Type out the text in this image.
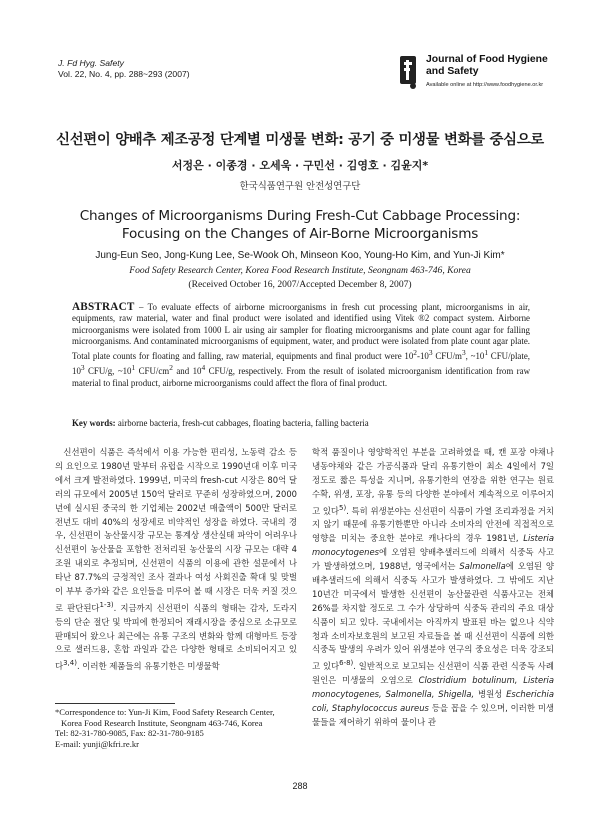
J. Fd Hyg. Safety
Vol. 22, No. 4, pp. 288~293 (2007)
Journal of Food Hygiene
and Safety
Available online at http://www.foodhygiene.or.kr
신선편이 양배추 제조공정 단계별 미생물 변화: 공기 중 미생물 변화를 중심으로
서정은 · 이종경 · 오세욱 · 구민선 · 김영호 · 김윤지*
한국식품연구원 안전성연구단
Changes of Microorganisms During Fresh-Cut Cabbage Processing:
Focusing on the Changes of Air-Borne Microorganisms
Jung-Eun Seo, Jong-Kung Lee, Se-Wook Oh, Minseon Koo, Young-Ho Kim, and Yun-Ji Kim*
Food Safety Research Center, Korea Food Research Institute, Seongnam 463-746, Korea
(Received October 16, 2007/Accepted December 8, 2007)
ABSTRACT – To evaluate effects of airborne microorganisms in fresh cut processing plant, microorganisms in air, equipments, raw material, water and final product were isolated and identified using Vitek ®2 compact system. Airborne microorganisms were isolated from 1000 L air using air sampler for floating microorganisms and plate count agar for falling microorganisms. And contaminated microorganisms of equipment, water, and product were isolated from plate count agar plate. Total plate counts for floating and falling, raw material, equipments and final product were $10^2-10^3$ CFU/$m^3$, $\sim 10^1$ CFU/plate, $10^3$ CFU/g, $\sim 10^1$ CFU/$cm^2$ and $10^4$ CFU/g, respectively. From the result of isolated microorganism identification from raw material to final product, airborne microorganisms could affect the flora of final product.
Key words: airborne bacteria, fresh-cut cabbages, floating bacteria, falling bacteria

신선편이 식품은 즉석에서 이용 가능한 편리성, 노동력 감소 등의 요인으로 1980년 말부터 유럽을 시작으로 1990년대 이후 미국에서 크게 발전하였다. 1999년, 미국의 fresh-cut 시장은 80억 달러의 규모에서 2005년 150억 달러로 꾸준히 성장하였으며, 2000년에 실시된 중국의 한 기업체는 2002년 매출액이 500만 달러로 전년도 대비 40%의 성장세로 비약적인 성장을 하였다. 국내의 경우, 신선편이 농산물시장 규모는 통계상 생산실태 파악이 어려우나 신선편이 농산물을 포함한 전처리된 농산물의 시장 규모는 대략 4조원 내외로 추정되며, 신선편이 식품의 이용에 관한 설문에서 나타난 87.7%의 긍정적인 조사 결과나 여성 사회진출 확대 및 맞벌이 부부 증가와 같은 요인들을 미루어 볼 때 시장은 더욱 커질 것으로 판단된다$^{1-3)}$. 지금까지 신선편이 식품의 형태는 감자, 도라지 등의 단순 절단 및 박피에 한정되어 재래시장을 중심으로 소규모로 판매되어 왔으나 최근에는 유통 구조의 변화와 함께 대형마트 등장으로 샐러드용, 혼합 과일과 같은 다양한 형태로 소비되어지고 있다$^{3,4)}$. 이러한 제품들의 유통기한은 미생물학

학적 품질이나 영양학적인 부분을 고려하였을 때, 캔 포장 야채나 냉동야채와 같은 가공식품과 달리 유통기한이 최소 4일에서 7일 정도로 짧은 특성을 지니며, 유통기한의 연장을 위한 연구는 원료수확, 위생, 포장, 유통 등의 다양한 분야에서 계속적으로 이루어지고 있다$^{5)}$. 특히 위생분야는 신선편이 식품이 가열 조리과정을 거치지 않기 때문에 유통기한뿐만 아니라 소비자의 안전에 직접적으로 영향을 미치는 중요한 분야로 캐나다의 경우 1981년, Listeria monocytogenes에 오염된 양배추샐러드에 의해서 식중독 사고가 발생하였으며, 1988년, 영국에서는 Salmonella에 오염된 양배추샐러드에 의해서 식중독 사고가 발생하였다. 그 밖에도 지난 10년간 미국에서 발생한 신선편이 농산물관련 식품사고는 전체 26%를 차지할 정도로 그 수가 상당하여 식중독 관리의 주요 대상식품이 되고 있다. 국내에서는 아직까지 발표된 바는 없으나 식약청과 소비자보호원의 보고된 자료들을 볼 때 신선편이 식품에 의한 식중독 발생의 우려가 있어 위생분야 연구의 중요성은 더욱 강조되고 있다$^{6-8)}$. 일반적으로 보고되는 신선편이 식품 관련 식중독 사례원인은 미생물의 오염으로 Clostridium botulinum, Listeria monocytogenes, Salmonella, Shigella, 병원성 Escherichia coli, Staphylococcus aureus 등을 꼽을 수 있으며, 이러한 미생물들을 제어하기 위하여 물이나 관

*Correspondence to: Yun-Ji Kim, Food Safety Research Center,
Korea Food Research Institute, Seongnam 463-746, Korea
Tel: 82-31-780-9085, Fax: 82-31-780-9185
E-mail: yunji@kfri.re.kr
288
